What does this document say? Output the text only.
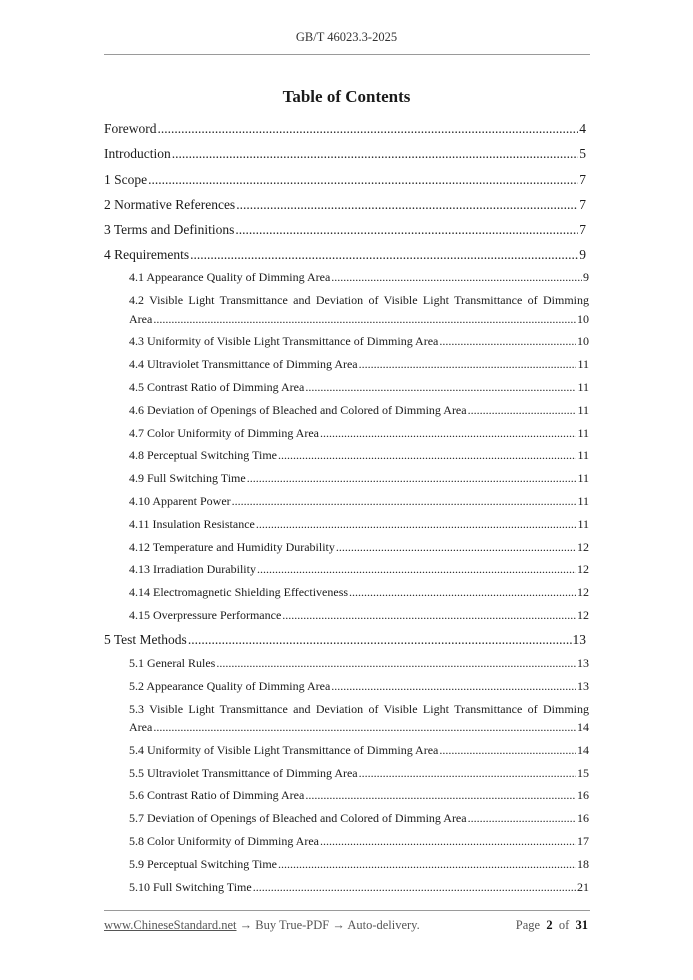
GB/T 46023.3-2025
Table of Contents
Foreword .....	4
Introduction .....	5
1 Scope .....	7
2 Normative References .....	7
3 Terms and Definitions .....	7
4 Requirements .....	9
4.1 Appearance Quality of Dimming Area .....	9
4.2 Visible Light Transmittance and Deviation of Visible Light Transmittance of Dimming
Area .....	10
4.3 Uniformity of Visible Light Transmittance of Dimming Area .....	10
4.4 Ultraviolet Transmittance of Dimming Area .....	11
4.5 Contrast Ratio of Dimming Area .....	11
4.6 Deviation of Openings of Bleached and Colored of Dimming Area .....	11
4.7 Color Uniformity of Dimming Area .....	11
4.8 Perceptual Switching Time .....	11
4.9 Full Switching Time .....	11
4.10 Apparent Power .....	11
4.11 Insulation Resistance .....	11
4.12 Temperature and Humidity Durability .....	12
4.13 Irradiation Durability .....	12
4.14 Electromagnetic Shielding Effectiveness .....	12
4.15 Overpressure Performance .....	12
5 Test Methods .....	13
5.1 General Rules .....	13
5.2 Appearance Quality of Dimming Area .....	13
5.3 Visible Light Transmittance and Deviation of Visible Light Transmittance of Dimming
Area .....	14
5.4 Uniformity of Visible Light Transmittance of Dimming Area .....	14
5.5 Ultraviolet Transmittance of Dimming Area .....	15
5.6 Contrast Ratio of Dimming Area .....	16
5.7 Deviation of Openings of Bleached and Colored of Dimming Area .....	16
5.8 Color Uniformity of Dimming Area .....	17
5.9 Perceptual Switching Time .....	18
5.10 Full Switching Time .....	21
www.ChineseStandard.net → Buy True-PDF → Auto-delivery.	Page 2 of 31
